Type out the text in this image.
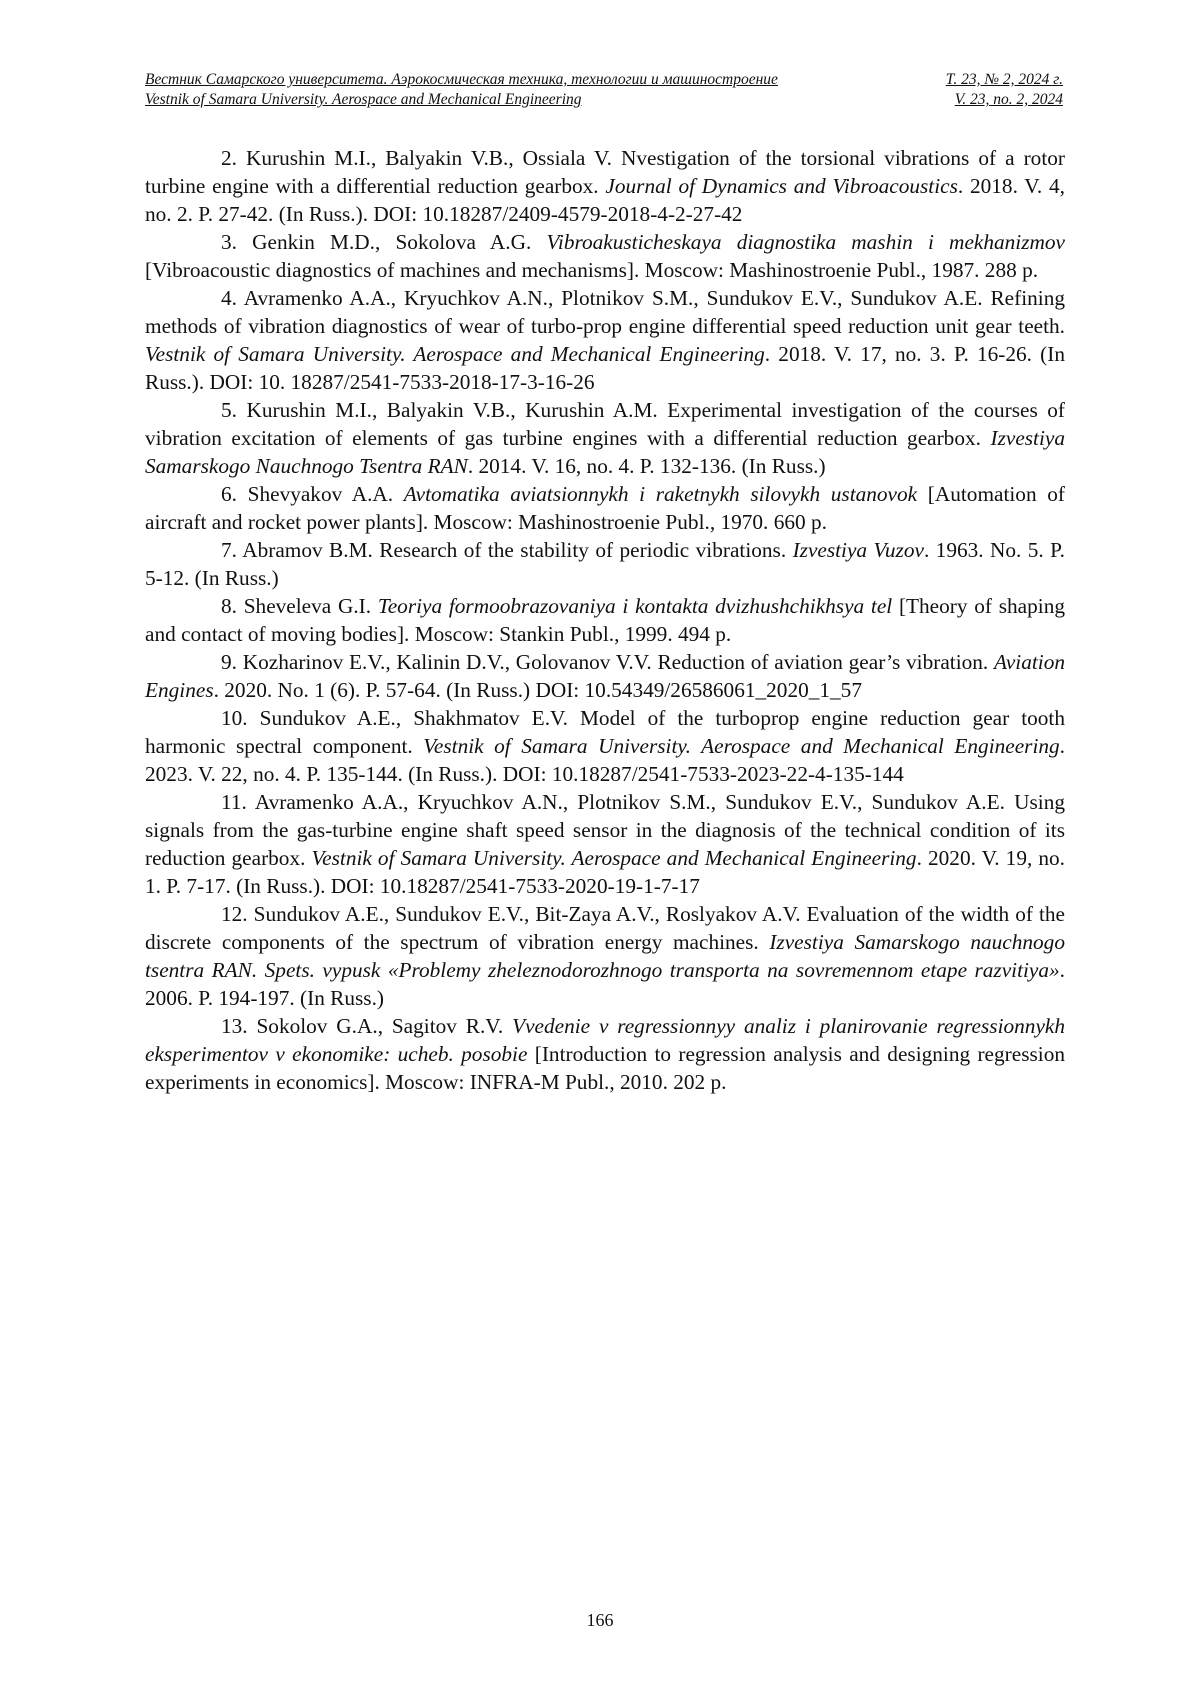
Вестник Самарского университета. Аэрокосмическая техника, технологии и машиностроение	Т. 23, № 2, 2024 г.
Vestnik of Samara University. Aerospace and Mechanical Engineering	V. 23, no. 2, 2024

2. Kurushin M.I., Balyakin V.B., Ossiala V. Nvestigation of the torsional vibrations of a rotor turbine engine with a differential reduction gearbox. Journal of Dynamics and Vibroacoustics. 2018. V. 4, no. 2. P. 27-42. (In Russ.). DOI: 10.18287/2409-4579-2018-4-2-27-42

3. Genkin M.D., Sokolova A.G. Vibroakusticheskaya diagnostika mashin i mekhanizmov [Vibroacoustic diagnostics of machines and mechanisms]. Moscow: Mashinostroenie Publ., 1987. 288 p.

4. Avramenko A.A., Kryuchkov A.N., Plotnikov S.M., Sundukov E.V., Sundukov A.E. Refining methods of vibration diagnostics of wear of turbo-prop engine differential speed reduction unit gear teeth. Vestnik of Samara University. Aerospace and Mechanical Engineering. 2018. V. 17, no. 3. P. 16-26. (In Russ.). DOI: 10. 18287/2541-7533-2018-17-3-16-26

5. Kurushin M.I., Balyakin V.B., Kurushin A.M. Experimental investigation of the courses of vibration excitation of elements of gas turbine engines with a differential reduction gearbox. Izvestiya Samarskogo Nauchnogo Tsentra RAN. 2014. V. 16, no. 4. P. 132-136. (In Russ.)

6. Shevyakov A.A. Avtomatika aviatsionnykh i raketnykh silovykh ustanovok [Automation of aircraft and rocket power plants]. Moscow: Mashinostroenie Publ., 1970. 660 p.

7. Abramov B.M. Research of the stability of periodic vibrations. Izvestiya Vuzov. 1963. No. 5. P. 5-12. (In Russ.)

8. Sheveleva G.I. Teoriya formoobrazovaniya i kontakta dvizhushchikhsya tel [Theory of shaping and contact of moving bodies]. Moscow: Stankin Publ., 1999. 494 p.

9. Kozharinov E.V., Kalinin D.V., Golovanov V.V. Reduction of aviation gear’s vibration. Aviation Engines. 2020. No. 1 (6). P. 57-64. (In Russ.) DOI: 10.54349/26586061_2020_1_57

10. Sundukov A.E., Shakhmatov E.V. Model of the turboprop engine reduction gear tooth harmonic spectral component. Vestnik of Samara University. Aerospace and Mechanical Engineering. 2023. V. 22, no. 4. P. 135-144. (In Russ.). DOI: 10.18287/2541-7533-2023-22-4-135-144

11. Avramenko A.A., Kryuchkov A.N., Plotnikov S.M., Sundukov E.V., Sundukov A.E. Using signals from the gas-turbine engine shaft speed sensor in the diagnosis of the technical condition of its reduction gearbox. Vestnik of Samara University. Aerospace and Mechanical Engineering. 2020. V. 19, no. 1. P. 7-17. (In Russ.). DOI: 10.18287/2541-7533-2020-19-1-7-17

12. Sundukov A.E., Sundukov E.V., Bit-Zaya A.V., Roslyakov A.V. Evaluation of the width of the discrete components of the spectrum of vibration energy machines. Izvestiya Samarskogo nauchnogo tsentra RAN. Spets. vypusk «Problemy zheleznodorozhnogo transporta na sovremennom etape razvitiya». 2006. P. 194-197. (In Russ.)

13. Sokolov G.A., Sagitov R.V. Vvedenie v regressionnyy analiz i planirovanie regressionnykh eksperimentov v ekonomike: ucheb. posobie [Introduction to regression analysis and designing regression experiments in economics]. Moscow: INFRA-M Publ., 2010. 202 p.

166
